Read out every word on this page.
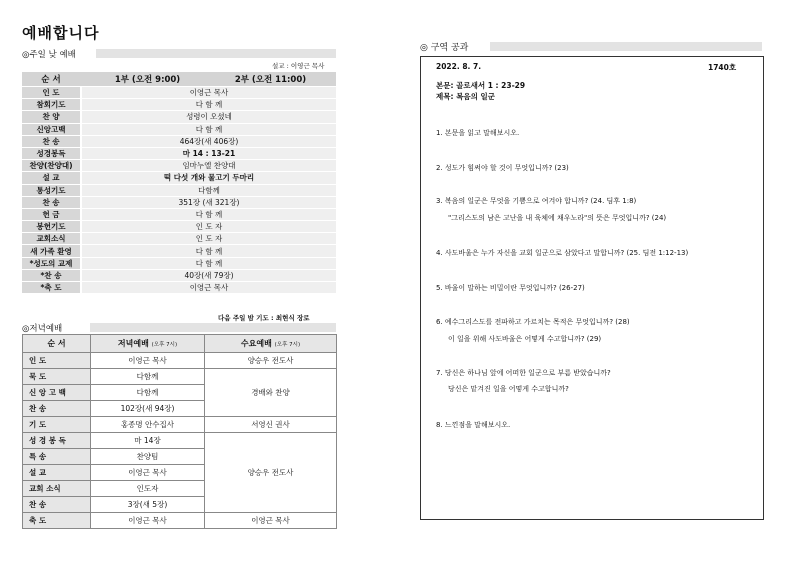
예배합니다
◎주일 낮 예배
설교 : 이영근 목사
순 서		1부 (오전 9:00) 2부 (오전 11:00)
인 도		이영근 목사
참회기도		다 함 께
찬 양		성령이 오셨네
신앙고백		다 함 께
찬 송		464장(새 406장)
성경봉독		마 14 : 13-21
찬양(찬양대)		임마누엘 찬양대
설 교		떡 다섯 개와 물고기 두마리
통성기도		다함께
찬 송		351장 (새 321장)
헌 금		다 함 께
봉헌기도		인 도 자
교회소식		인 도 자
새 가족 환영		다 함 께
*성도의 교제		다 함 께
*찬 송		40장(새 79장)
*축 도		이영근 목사
다음 주일 밤 기도 : 최현식 장로
◎저녁예배
순 서	저녁예배 (오후 7시)	수요예배 (오후 7시)
인 도	이영근 목사	양승우 전도사
묵 도	다함께	경배와 찬양
신 앙 고 백	다함께	
찬 송	102장(새 94장)	
기 도	홍종명 안수집사	서영신 권사
성 경 봉 독	마 14장	양승우 전도사
특 송	찬양팀	
설 교	이영근 목사	
교회 소식	인도자	
찬 송	3장(새 5장)	
축 도	이영근 목사	이영근 목사
◎ 구역 공과
2022. 8. 7.	1740호
본문: 골로새서 1 : 23-29
제목: 복음의 일군
1. 본문을 읽고 말해보시오.
2. 성도가 힘써야 할 것이 무엇입니까? (23)
3. 복음의 일군은 무엇을 기쁨으로 여겨야 합니까? (24. 딤후 1:8)
"그리스도의 남은 고난을 내 육체에 채우노라"의 뜻은 무엇입니까? (24)
4. 사도바울은 누가 자신을 교회 일군으로 삼았다고 말합니까? (25. 딤전 1:12-13)
5. 바울이 말하는 비밀이란 무엇입니까? (26-27)
6. 예수그리스도를 전파하고 가르치는 목적은 무엇입니까? (28)
이 일을 위해 사도바울은 어떻게 수고합니까? (29)
7. 당신은 하나님 앞에 어떠한 일군으로 부름 받았습니까?
당신은 맡겨진 일을 어떻게 수고합니까?
8. 느낀점을 말해보시오.
